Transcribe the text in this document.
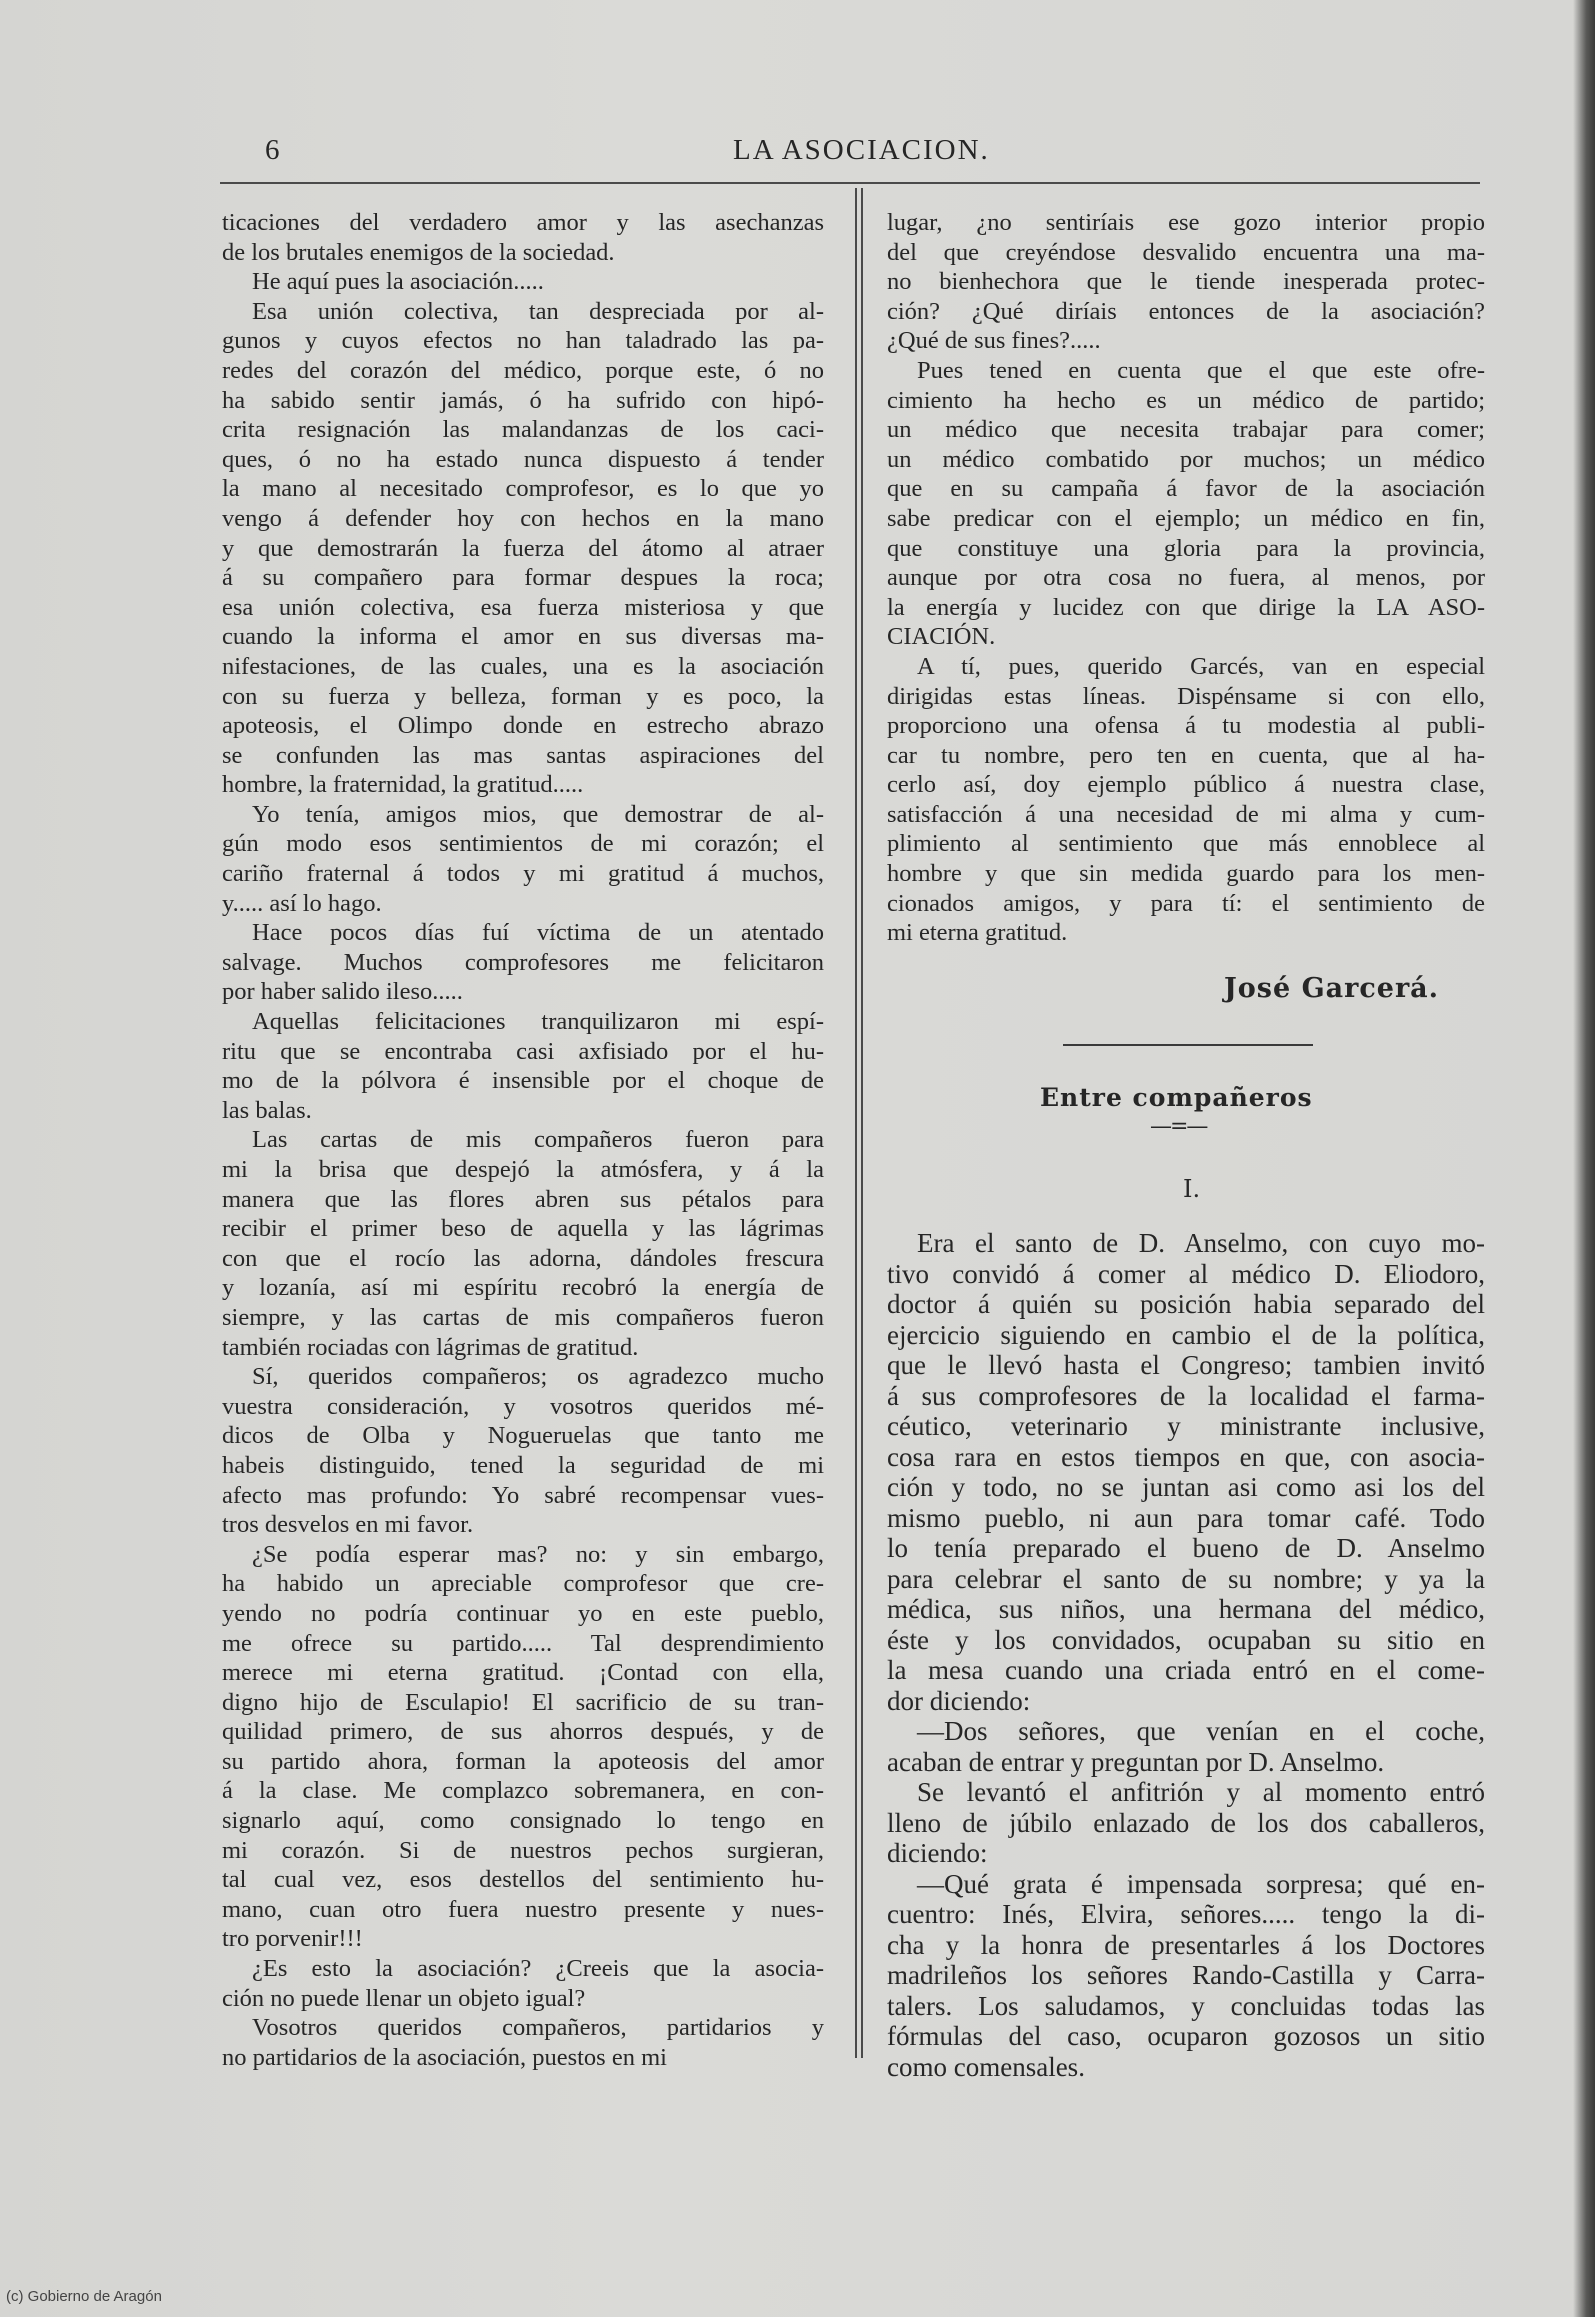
6	LA ASOCIACION.
ticaciones del verdadero amor y las asechanzas
de los brutales enemigos de la sociedad.
He aquí pues la asociación.....
Esa unión colectiva, tan despreciada por al-
gunos y cuyos efectos no han taladrado las pa-
redes del corazón del médico, porque este, ó no
ha sabido sentir jamás, ó ha sufrido con hipó-
crita resignación las malandanzas de los caci-
ques, ó no ha estado nunca dispuesto á tender
la mano al necesitado comprofesor, es lo que yo
vengo á defender hoy con hechos en la mano
y que demostrarán la fuerza del átomo al atraer
á su compañero para formar despues la roca;
esa unión colectiva, esa fuerza misteriosa y que
cuando la informa el amor en sus diversas ma-
nifestaciones, de las cuales, una es la asociación
con su fuerza y belleza, forman y es poco, la
apoteosis, el Olimpo donde en estrecho abrazo
se confunden las mas santas aspiraciones del
hombre, la fraternidad, la gratitud.....
Yo tenía, amigos mios, que demostrar de al-
gún modo esos sentimientos de mi corazón; el
cariño fraternal á todos y mi gratitud á muchos,
y..... así lo hago.
Hace pocos días fuí víctima de un atentado
salvage. Muchos comprofesores me felicitaron
por haber salido ileso.....
Aquellas felicitaciones tranquilizaron mi espí-
ritu que se encontraba casi axfisiado por el hu-
mo de la pólvora é insensible por el choque de
las balas.
Las cartas de mis compañeros fueron para
mi la brisa que despejó la atmósfera, y á la
manera que las flores abren sus pétalos para
recibir el primer beso de aquella y las lágrimas
con que el rocío las adorna, dándoles frescura
y lozanía, así mi espíritu recobró la energía de
siempre, y las cartas de mis compañeros fueron
también rociadas con lágrimas de gratitud.
Sí, queridos compañeros; os agradezco mucho
vuestra consideración, y vosotros queridos mé-
dicos de Olba y Nogueruelas que tanto me
habeis distinguido, tened la seguridad de mi
afecto mas profundo: Yo sabré recompensar vues-
tros desvelos en mi favor.
¿Se podía esperar mas? no: y sin embargo,
ha habido un apreciable comprofesor que cre-
yendo no podría continuar yo en este pueblo,
me ofrece su partido..... Tal desprendimiento
merece mi eterna gratitud. ¡Contad con ella,
digno hijo de Esculapio! El sacrificio de su tran-
quilidad primero, de sus ahorros después, y de
su partido ahora, forman la apoteosis del amor
á la clase. Me complazco sobremanera, en con-
signarlo aquí, como consignado lo tengo en
mi corazón. Si de nuestros pechos surgieran,
tal cual vez, esos destellos del sentimiento hu-
mano, cuan otro fuera nuestro presente y nues-
tro porvenir!!!
¿Es esto la asociación? ¿Creeis que la asocia-
ción no puede llenar un objeto igual?
Vosotros queridos compañeros, partidarios y
no partidarios de la asociación, puestos en mi
lugar, ¿no sentiríais ese gozo interior propio
del que creyéndose desvalido encuentra una ma-
no bienhechora que le tiende inesperada protec-
ción? ¿Qué diríais entonces de la asociación?
¿Qué de sus fines?.....
Pues tened en cuenta que el que este ofre-
cimiento ha hecho es un médico de partido;
un médico que necesita trabajar para comer;
un médico combatido por muchos; un médico
que en su campaña á favor de la asociación
sabe predicar con el ejemplo; un médico en fin,
que constituye una gloria para la provincia,
aunque por otra cosa no fuera, al menos, por
la energía y lucidez con que dirige la LA ASO-
CIACIÓN.
A tí, pues, querido Garcés, van en especial
dirigidas estas líneas. Dispénsame si con ello,
proporciono una ofensa á tu modestia al publi-
car tu nombre, pero ten en cuenta, que al ha-
cerlo así, doy ejemplo público á nuestra clase,
satisfacción á una necesidad de mi alma y cum-
plimiento al sentimiento que más ennoblece al
hombre y que sin medida guardo para los men-
cionados amigos, y para tí: el sentimiento de
mi eterna gratitud.
José Garcerá.
Entre compañeros
—=—
I.
Era el santo de D. Anselmo, con cuyo mo-
tivo convidó á comer al médico D. Eliodoro,
doctor á quién su posición habia separado del
ejercicio siguiendo en cambio el de la política,
que le llevó hasta el Congreso; tambien invitó
á sus comprofesores de la localidad el farma-
céutico, veterinario y ministrante inclusive,
cosa rara en estos tiempos en que, con asocia-
ción y todo, no se juntan asi como asi los del
mismo pueblo, ni aun para tomar café. Todo
lo tenía preparado el bueno de D. Anselmo
para celebrar el santo de su nombre; y ya la
médica, sus niños, una hermana del médico,
éste y los convidados, ocupaban su sitio en
la mesa cuando una criada entró en el come-
dor diciendo:
—Dos señores, que venían en el coche,
acaban de entrar y preguntan por D. Anselmo.
Se levantó el anfitrión y al momento entró
lleno de júbilo enlazado de los dos caballeros,
diciendo:
—Qué grata é impensada sorpresa; qué en-
cuentro: Inés, Elvira, señores..... tengo la di-
cha y la honra de presentarles á los Doctores
madrileños los señores Rando-Castilla y Carra-
talers. Los saludamos, y concluidas todas las
fórmulas del caso, ocuparon gozosos un sitio
como comensales.
(c) Gobierno de Aragón
